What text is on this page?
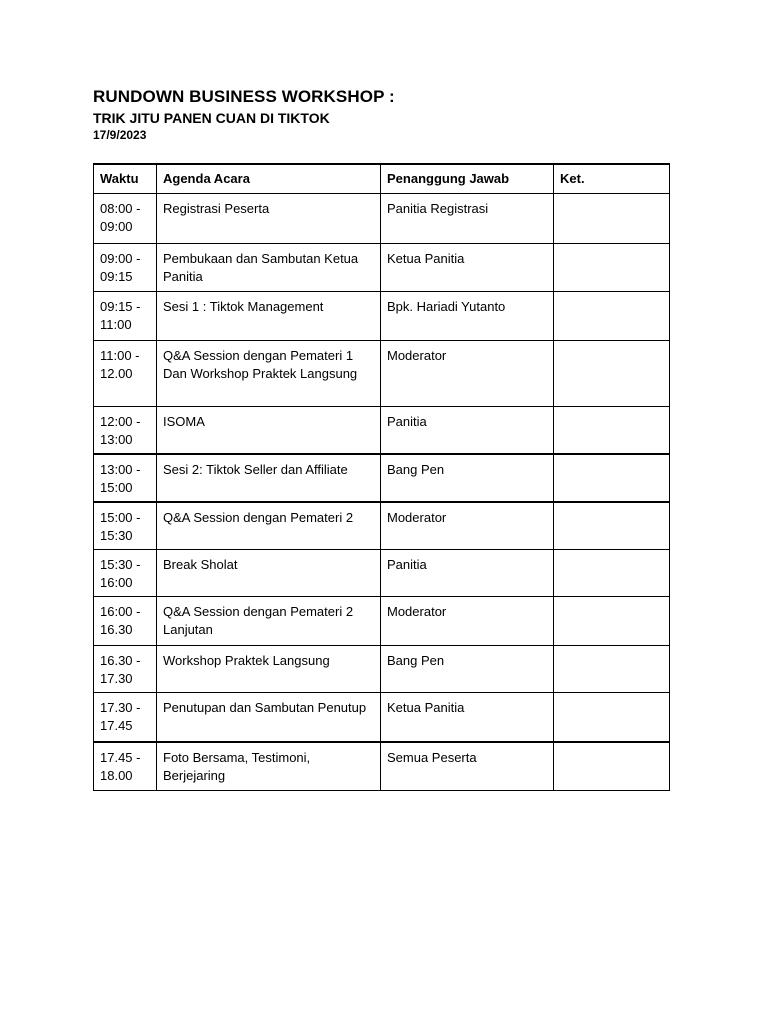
RUNDOWN BUSINESS WORKSHOP :
TRIK JITU PANEN CUAN DI TIKTOK
17/9/2023
Waktu	Agenda Acara	Penanggung Jawab	Ket.
08:00 -
09:00	Registrasi Peserta	Panitia Registrasi	
09:00 -
09:15	Pembukaan dan Sambutan Ketua Panitia	Ketua Panitia	
09:15 -
11:00	Sesi 1 : Tiktok Management	Bpk. Hariadi Yutanto	
11:00 -
12.00	Q&A Session dengan Pemateri 1 Dan Workshop Praktek Langsung	Moderator	
12:00 -
13:00	ISOMA	Panitia	
13:00 -
15:00	Sesi 2: Tiktok Seller dan Affiliate	Bang Pen	
15:00 -
15:30	Q&A Session dengan Pemateri 2	Moderator	
15:30 -
16:00	Break Sholat	Panitia	
16:00 -
16.30	Q&A Session dengan Pemateri 2 Lanjutan	Moderator	
16.30 -
17.30	Workshop Praktek Langsung	Bang Pen	
17.30 -
17.45	Penutupan dan Sambutan Penutup	Ketua Panitia	
17.45 -
18.00	Foto Bersama, Testimoni, Berjejaring	Semua Peserta	
